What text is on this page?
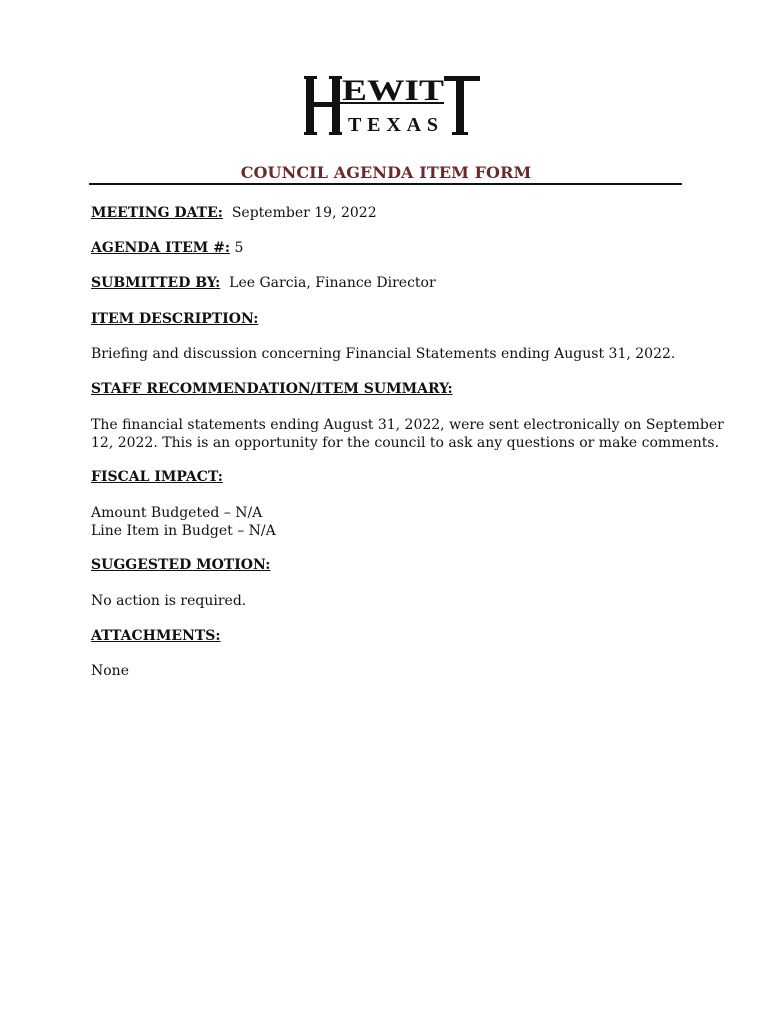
EWIT
TEXAS
COUNCIL AGENDA ITEM FORM
MEETING DATE: September 19, 2022
AGENDA ITEM #: 5
SUBMITTED BY: Lee Garcia, Finance Director
ITEM DESCRIPTION:
Briefing and discussion concerning Financial Statements ending August 31, 2022.
STAFF RECOMMENDATION/ITEM SUMMARY:
The financial statements ending August 31, 2022, were sent electronically on September
12, 2022. This is an opportunity for the council to ask any questions or make comments.
FISCAL IMPACT:
Amount Budgeted – N/A
Line Item in Budget – N/A
SUGGESTED MOTION:
No action is required.
ATTACHMENTS:
None
